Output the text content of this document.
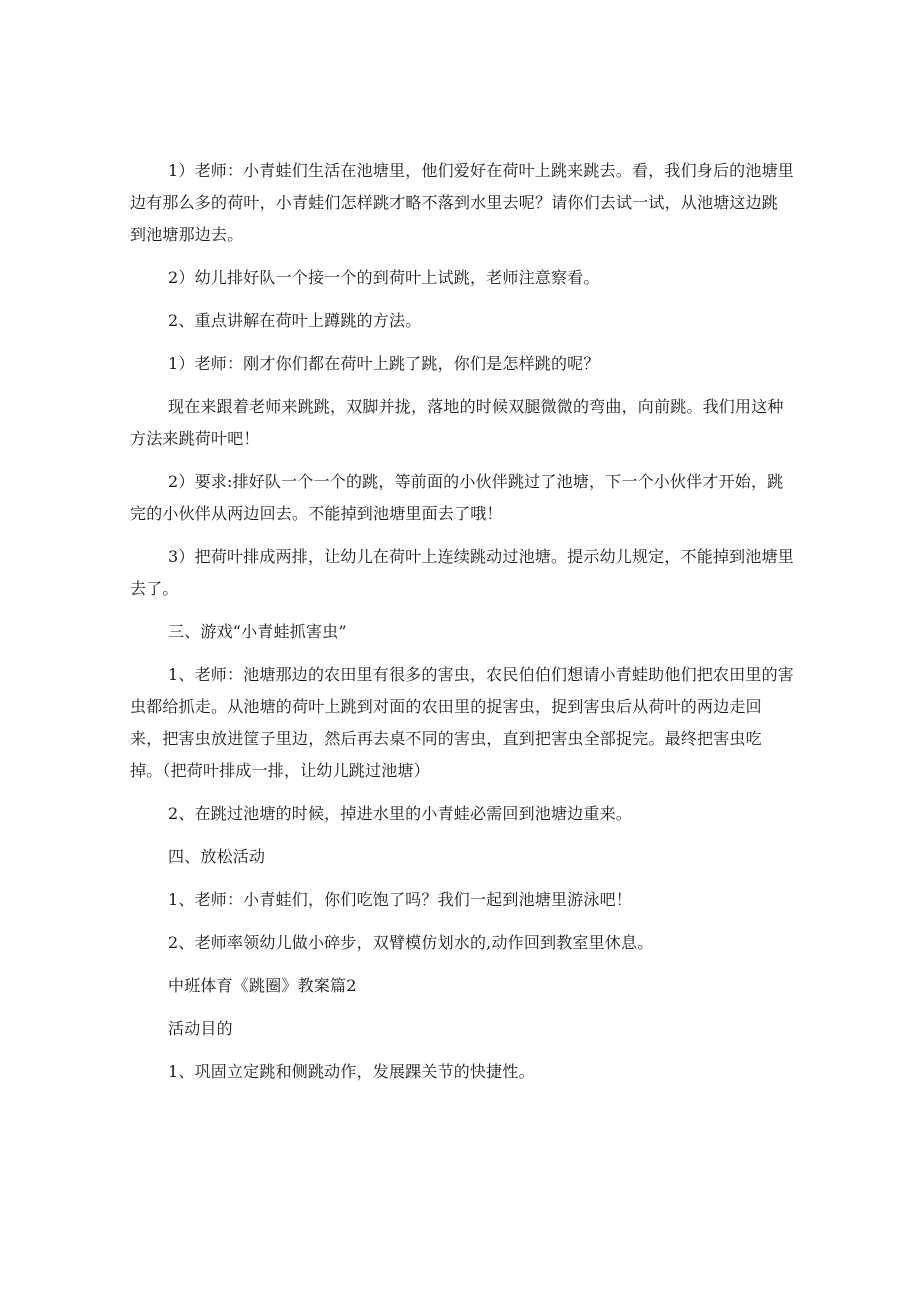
1）老师：小青蛙们生活在池塘里，他们爱好在荷叶上跳来跳去。看，我们身后的池塘里边有那么多的荷叶，小青蛙们怎样跳才略不落到水里去呢？请你们去试一试，从池塘这边跳到池塘那边去。

2）幼儿排好队一个接一个的到荷叶上试跳，老师注意察看。

2、重点讲解在荷叶上蹲跳的方法。

1）老师：刚才你们都在荷叶上跳了跳，你们是怎样跳的呢？

现在来跟着老师来跳跳，双脚并拢，落地的时候双腿微微的弯曲，向前跳。我们用这种方法来跳荷叶吧！

2）要求:排好队一个一个的跳，等前面的小伙伴跳过了池塘，下一个小伙伴才开始，跳完的小伙伴从两边回去。不能掉到池塘里面去了哦！

3）把荷叶排成两排，让幼儿在荷叶上连续跳动过池塘。提示幼儿规定，不能掉到池塘里去了。

三、游戏“小青蛙抓害虫”

1、老师：池塘那边的农田里有很多的害虫，农民伯伯们想请小青蛙助他们把农田里的害虫都给抓走。从池塘的荷叶上跳到对面的农田里的捉害虫，捉到害虫后从荷叶的两边走回来，把害虫放进筐子里边，然后再去桌不同的害虫，直到把害虫全部捉完。最终把害虫吃掉。（把荷叶排成一排，让幼儿跳过池塘）

2、在跳过池塘的时候，掉进水里的小青蛙必需回到池塘边重来。

四、放松活动

1、老师：小青蛙们，你们吃饱了吗？我们一起到池塘里游泳吧！

2、老师率领幼儿做小碎步，双臂模仿划水的,动作回到教室里休息。

中班体育《跳圈》教案篇2

活动目的

1、巩固立定跳和侧跳动作，发展踝关节的快捷性。
